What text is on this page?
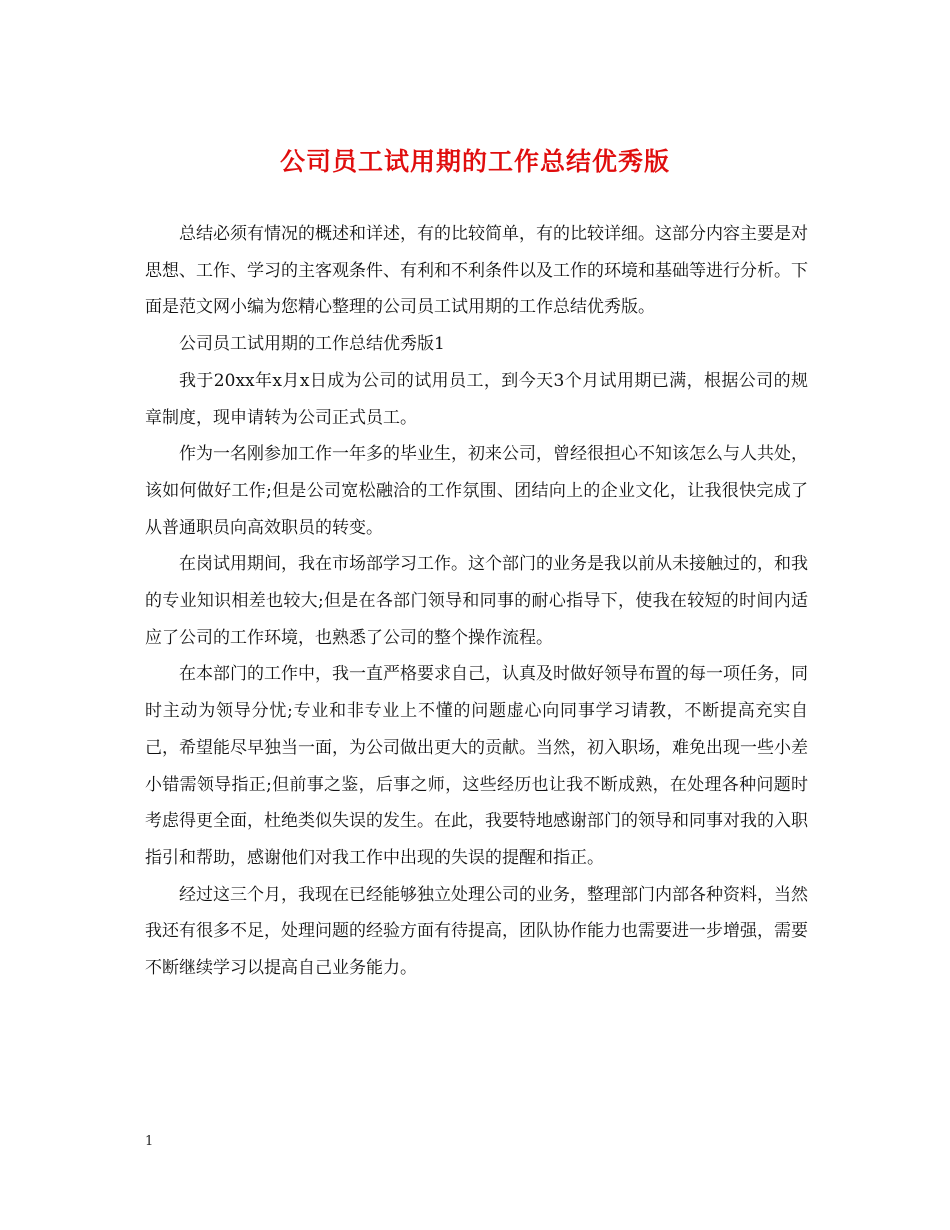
公司员工试用期的工作总结优秀版

总结必须有情况的概述和详述，有的比较简单，有的比较详细。这部分内容主要是对思想、工作、学习的主客观条件、有利和不利条件以及工作的环境和基础等进行分析。下面是范文网小编为您精心整理的公司员工试用期的工作总结优秀版。

公司员工试用期的工作总结优秀版1

我于20xx年x月x日成为公司的试用员工，到今天3个月试用期已满，根据公司的规章制度，现申请转为公司正式员工。

作为一名刚参加工作一年多的毕业生，初来公司，曾经很担心不知该怎么与人共处，该如何做好工作;但是公司宽松融洽的工作氛围、团结向上的企业文化，让我很快完成了从普通职员向高效职员的转变。

在岗试用期间，我在市场部学习工作。这个部门的业务是我以前从未接触过的，和我的专业知识相差也较大;但是在各部门领导和同事的耐心指导下，使我在较短的时间内适应了公司的工作环境，也熟悉了公司的整个操作流程。

在本部门的工作中，我一直严格要求自己，认真及时做好领导布置的每一项任务，同时主动为领导分忧;专业和非专业上不懂的问题虚心向同事学习请教，不断提高充实自己，希望能尽早独当一面，为公司做出更大的贡献。当然，初入职场，难免出现一些小差小错需领导指正;但前事之鉴，后事之师，这些经历也让我不断成熟，在处理各种问题时考虑得更全面，杜绝类似失误的发生。在此，我要特地感谢部门的领导和同事对我的入职指引和帮助，感谢他们对我工作中出现的失误的提醒和指正。

经过这三个月，我现在已经能够独立处理公司的业务，整理部门内部各种资料，当然我还有很多不足，处理问题的经验方面有待提高，团队协作能力也需要进一步增强，需要不断继续学习以提高自己业务能力。

1
